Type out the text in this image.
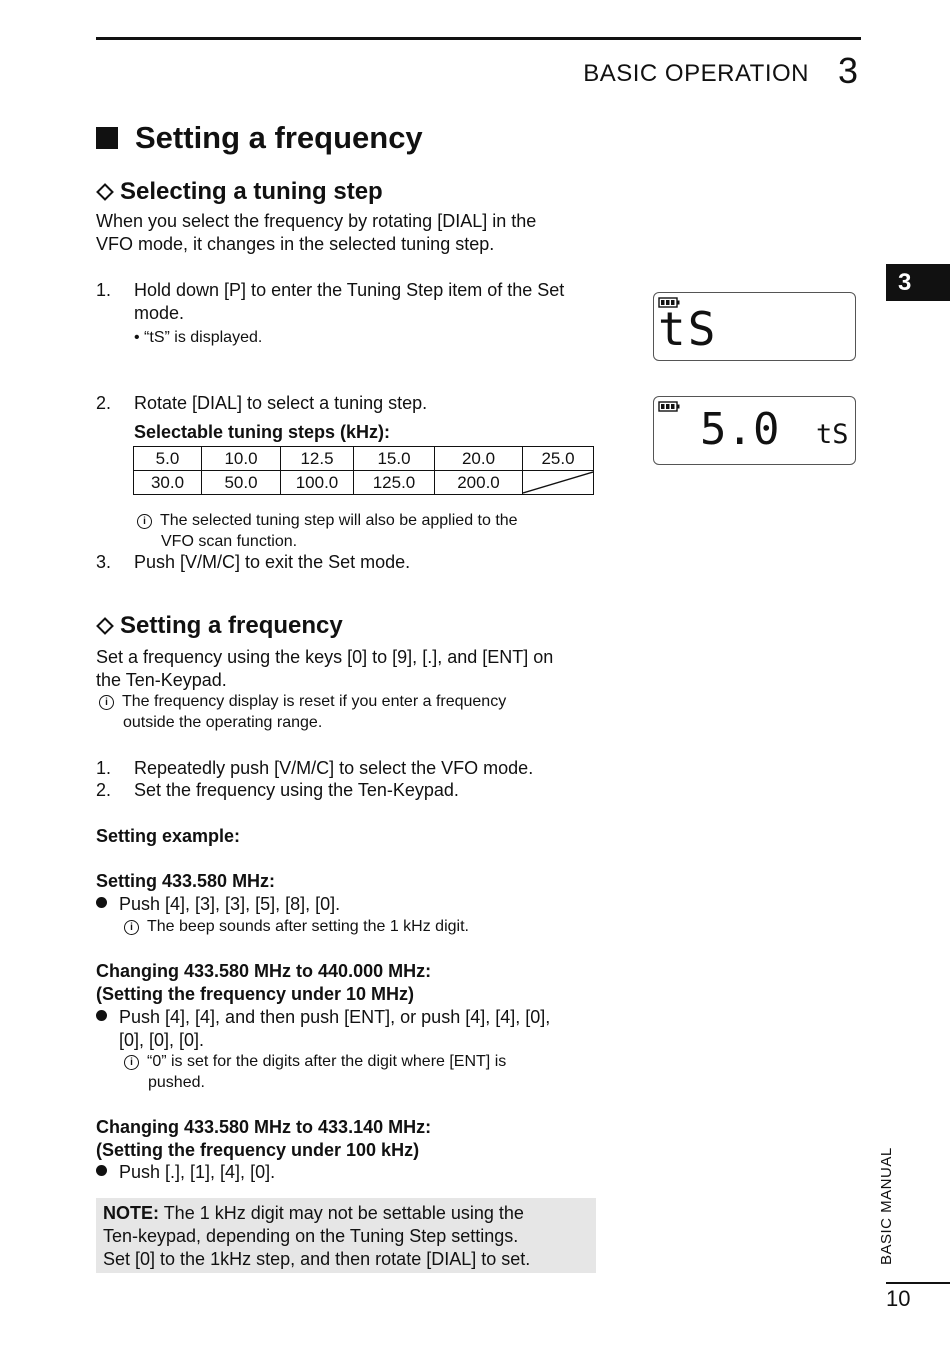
BASIC OPERATION 3
3
BASIC MANUAL
10
Setting a frequency
Selecting a tuning step
When you select the frequency by rotating [DIAL] in the
VFO mode, it changes in the selected tuning step.
1. Hold down [P] to enter the Tuning Step item of the Set
mode.
• “tS” is displayed.
2. Rotate [DIAL] to select a tuning step.
Selectable tuning steps (kHz):
5.0	10.0	12.5	15.0	20.0	25.0
30.0	50.0	100.0	125.0	200.0	
i The selected tuning step will also be applied to the
VFO scan function.
3. Push [V/M/C] to exit the Set mode.
tS
5.0 tS
Setting a frequency
Set a frequency using the keys [0] to [9], [.], and [ENT] on
the Ten-Keypad.
i The frequency display is reset if you enter a frequency
outside the operating range.
1. Repeatedly push [V/M/C] to select the VFO mode.
2. Set the frequency using the Ten-Keypad.
Setting example:
Setting 433.580 MHz:
Push [4], [3], [3], [5], [8], [0].
i The beep sounds after setting the 1 kHz digit.
Changing 433.580 MHz to 440.000 MHz:
(Setting the frequency under 10 MHz)
Push [4], [4], and then push [ENT], or push [4], [4], [0],
[0], [0], [0].
i “0” is set for the digits after the digit where [ENT] is
pushed.
Changing 433.580 MHz to 433.140 MHz:
(Setting the frequency under 100 kHz)
Push [.], [1], [4], [0].
NOTE: The 1 kHz digit may not be settable using the
Ten-keypad, depending on the Tuning Step settings.
Set [0] to the 1kHz step, and then rotate [DIAL] to set.
